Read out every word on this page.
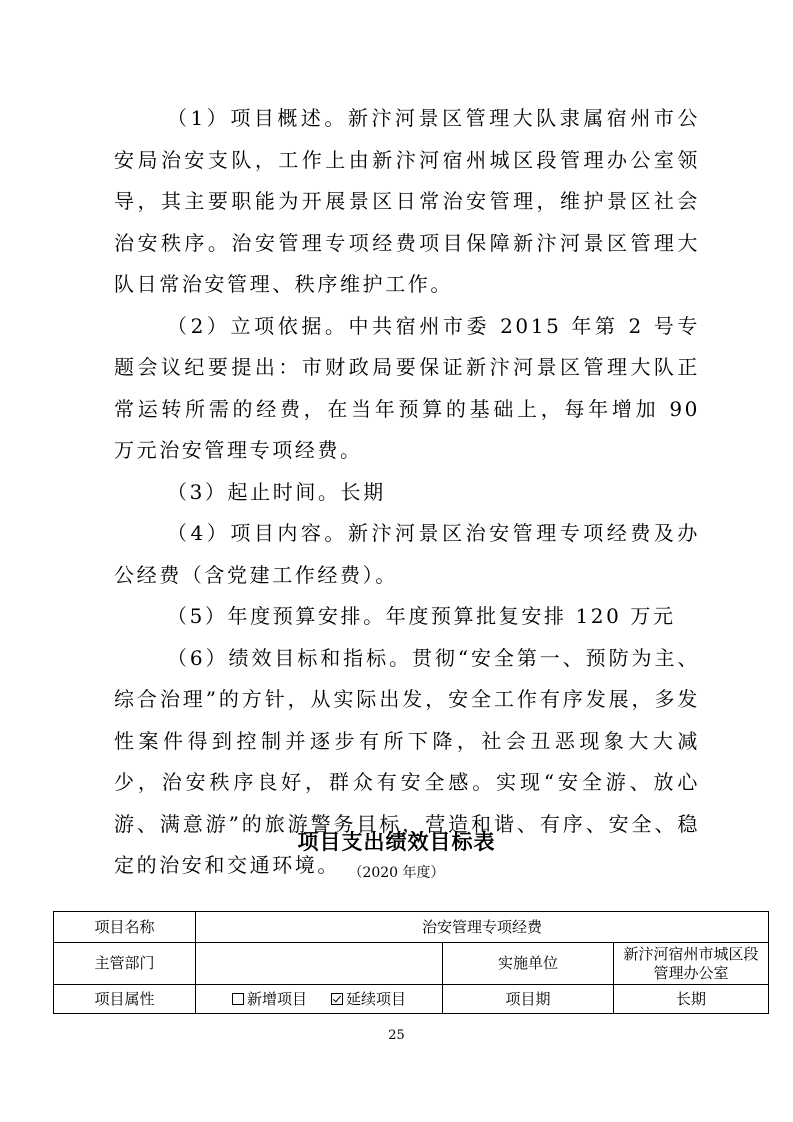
（1）项目概述。新汴河景区管理大队隶属宿州市公安局治安支队，工作上由新汴河宿州城区段管理办公室领导，其主要职能为开展景区日常治安管理，维护景区社会治安秩序。治安管理专项经费项目保障新汴河景区管理大队日常治安管理、秩序维护工作。

（2）立项依据。中共宿州市委 2015 年第 2 号专题会议纪要提出：市财政局要保证新汴河景区管理大队正常运转所需的经费，在当年预算的基础上，每年增加 90 万元治安管理专项经费。

（3）起止时间。长期

（4）项目内容。新汴河景区治安管理专项经费及办公经费（含党建工作经费）。

（5）年度预算安排。年度预算批复安排 120 万元

（6）绩效目标和指标。贯彻“安全第一、预防为主、综合治理”的方针，从实际出发，安全工作有序发展，多发性案件得到控制并逐步有所下降，社会丑恶现象大大减少，治安秩序良好，群众有安全感。实现“安全游、放心游、满意游”的旅游警务目标，营造和谐、有序、安全、稳定的治安和交通环境。

项目支出绩效目标表

（2020 年度）

项目名称	治安管理专项经费		
主管部门		实施单位	新汴河宿州市城区段管理办公室
项目属性	新增项目 延续项目	项目期	长期

25
